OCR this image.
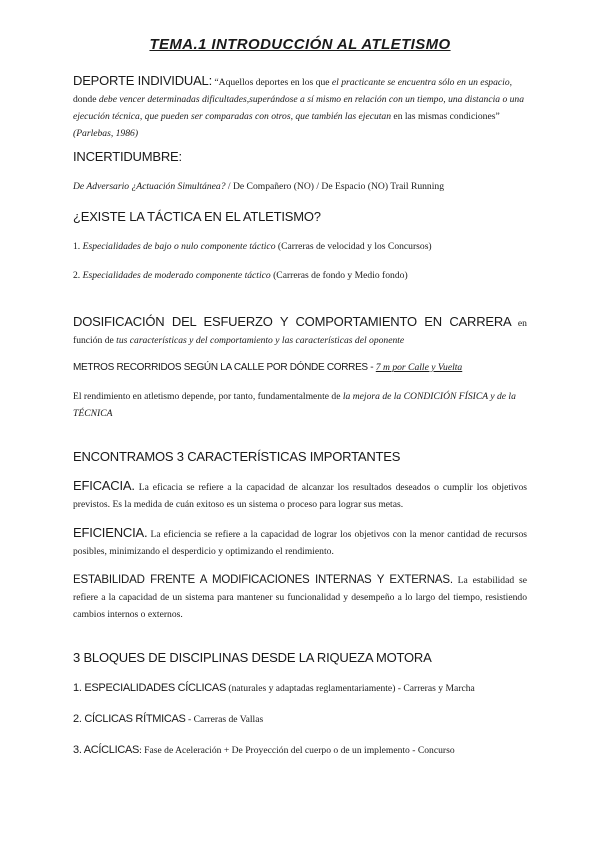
TEMA.1 INTRODUCCIÓN AL ATLETISMO
DEPORTE INDIVIDUAL: “Aquellos deportes en los que el practicante se encuentra sólo en un espacio, donde debe vencer determinadas dificultades,superándose a sí mismo en relación con un tiempo, una distancia o una ejecución técnica, que pueden ser comparadas con otros, que también las ejecutan en las mismas condiciones” (Parlebas, 1986)
INCERTIDUMBRE:
De Adversario ¿Actuación Simultánea? / De Compañero (NO) / De Espacio (NO) Trail Running
¿EXISTE LA TÁCTICA EN EL ATLETISMO?
1. Especialidades de bajo o nulo componente táctico (Carreras de velocidad y los Concursos)
2. Especialidades de moderado componente táctico (Carreras de fondo y Medio fondo)
DOSIFICACIÓN DEL ESFUERZO Y COMPORTAMIENTO EN CARRERA en función de tus características y del comportamiento y las características del oponente
METROS RECORRIDOS SEGÚN LA CALLE POR DÓNDE CORRES - 7 m por Calle y Vuelta
El rendimiento en atletismo depende, por tanto, fundamentalmente de la mejora de la CONDICIÓN FÍSICA y de la TÉCNICA
ENCONTRAMOS 3 CARACTERÍSTICAS IMPORTANTES
EFICACIA. La eficacia se refiere a la capacidad de alcanzar los resultados deseados o cumplir los objetivos previstos. Es la medida de cuán exitoso es un sistema o proceso para lograr sus metas.
EFICIENCIA. La eficiencia se refiere a la capacidad de lograr los objetivos con la menor cantidad de recursos posibles, minimizando el desperdicio y optimizando el rendimiento.
ESTABILIDAD FRENTE A MODIFICACIONES INTERNAS Y EXTERNAS. La estabilidad se refiere a la capacidad de un sistema para mantener su funcionalidad y desempeño a lo largo del tiempo, resistiendo cambios internos o externos.
3 BLOQUES DE DISCIPLINAS DESDE LA RIQUEZA MOTORA
1. ESPECIALIDADES CÍCLICAS (naturales y adaptadas reglamentariamente) - Carreras y Marcha
2. CÍCLICAS RÍTMICAS - Carreras de Vallas
3. ACÍCLICAS: Fase de Aceleración + De Proyección del cuerpo o de un implemento - Concurso
